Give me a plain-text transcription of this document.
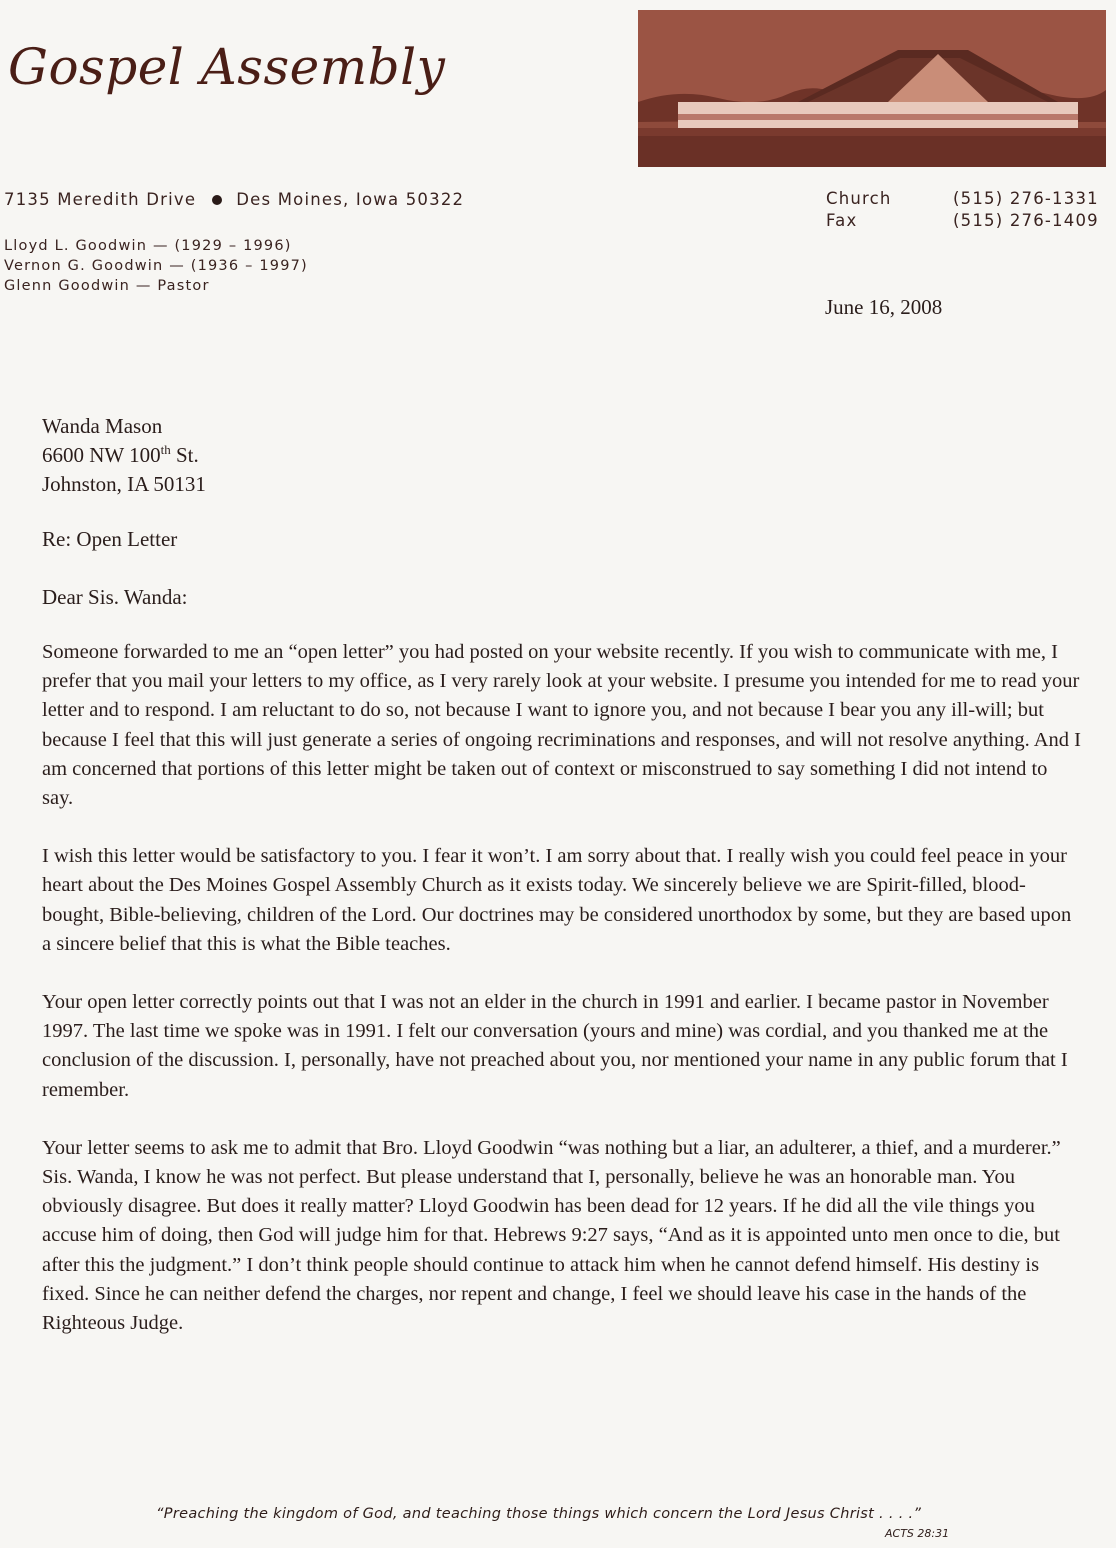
Gospel Assembly
7135 Meredith Drive Des Moines, Iowa 50322	Church	(515) 276-1331
Fax	(515) 276-1409
Lloyd L. Goodwin — (1929 – 1996)
Vernon G. Goodwin — (1936 – 1997)
Glenn Goodwin — Pastor
June 16, 2008
Wanda Mason
6600 NW 100th St.
Johnston, IA 50131
Re: Open Letter
Dear Sis. Wanda:

Someone forwarded to me an “open letter” you had posted on your website recently. If you wish to communicate with me, I prefer that you mail your letters to my office, as I very rarely look at your website. I presume you intended for me to read your letter and to respond. I am reluctant to do so, not because I want to ignore you, and not because I bear you any ill-will; but because I feel that this will just generate a series of ongoing recriminations and responses, and will not resolve anything. And I am concerned that portions of this letter might be taken out of context or misconstrued to say something I did not intend to say.

I wish this letter would be satisfactory to you. I fear it won’t. I am sorry about that. I really wish you could feel peace in your heart about the Des Moines Gospel Assembly Church as it exists today. We sincerely believe we are Spirit-filled, blood-bought, Bible-believing, children of the Lord. Our doctrines may be considered unorthodox by some, but they are based upon a sincere belief that this is what the Bible teaches.

Your open letter correctly points out that I was not an elder in the church in 1991 and earlier. I became pastor in November 1997. The last time we spoke was in 1991. I felt our conversation (yours and mine) was cordial, and you thanked me at the conclusion of the discussion. I, personally, have not preached about you, nor mentioned your name in any public forum that I remember.

Your letter seems to ask me to admit that Bro. Lloyd Goodwin “was nothing but a liar, an adulterer, a thief, and a murderer.” Sis. Wanda, I know he was not perfect. But please understand that I, personally, believe he was an honorable man. You obviously disagree. But does it really matter? Lloyd Goodwin has been dead for 12 years. If he did all the vile things you accuse him of doing, then God will judge him for that. Hebrews 9:27 says, “And as it is appointed unto men once to die, but after this the judgment.” I don’t think people should continue to attack him when he cannot defend himself. His destiny is fixed. Since he can neither defend the charges, nor repent and change, I feel we should leave his case in the hands of the Righteous Judge.

“Preaching the kingdom of God, and teaching those things which concern the Lord Jesus Christ . . . .”
ACTS 28:31
